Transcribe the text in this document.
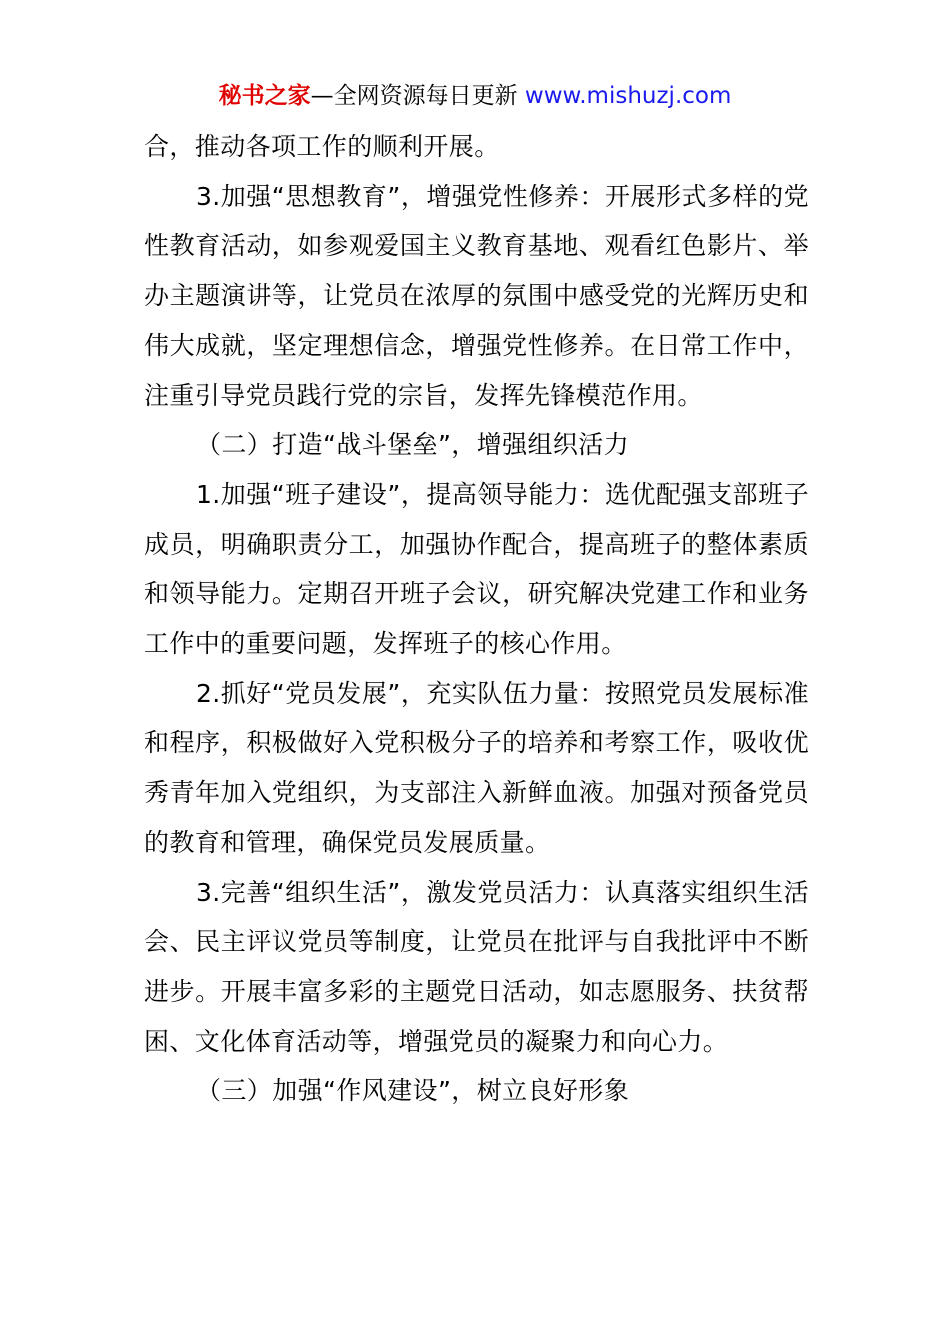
秘书之家—全网资源每日更新 www.mishuzj.com

合，推动各项工作的顺利开展。

3.加强“思想教育”，增强党性修养：开展形式多样的党性教育活动，如参观爱国主义教育基地、观看红色影片、举办主题演讲等，让党员在浓厚的氛围中感受党的光辉历史和伟大成就，坚定理想信念，增强党性修养。在日常工作中，注重引导党员践行党的宗旨，发挥先锋模范作用。

（二）打造“战斗堡垒”，增强组织活力

1.加强“班子建设”，提高领导能力：选优配强支部班子成员，明确职责分工，加强协作配合，提高班子的整体素质和领导能力。定期召开班子会议，研究解决党建工作和业务工作中的重要问题，发挥班子的核心作用。

2.抓好“党员发展”，充实队伍力量：按照党员发展标准和程序，积极做好入党积极分子的培养和考察工作，吸收优秀青年加入党组织，为支部注入新鲜血液。加强对预备党员的教育和管理，确保党员发展质量。

3.完善“组织生活”，激发党员活力：认真落实组织生活会、民主评议党员等制度，让党员在批评与自我批评中不断进步。开展丰富多彩的主题党日活动，如志愿服务、扶贫帮困、文化体育活动等，增强党员的凝聚力和向心力。

（三）加强“作风建设”，树立良好形象
